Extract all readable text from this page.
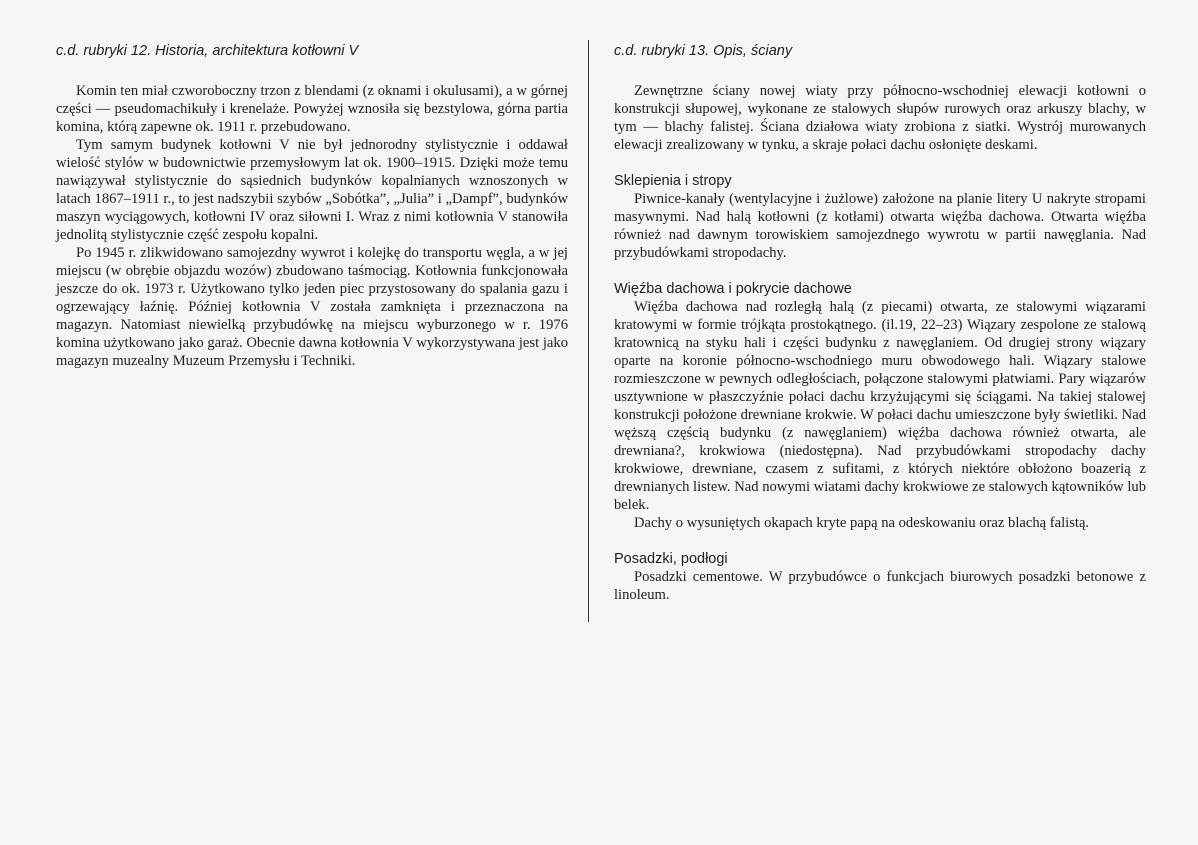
c.d. rubryki 12. Historia, architektura kotłowni V

Komin ten miał czworoboczny trzon z blendami (z oknami i okulusami), a w górnej części — pseudomachikuły i krenelaże. Powyżej wznosiła się bezstylowa, górna partia komina, którą zapewne ok. 1911 r. przebudowano.

Tym samym budynek kotłowni V nie był jednorodny stylistycznie i oddawał wielość stylów w budownictwie przemysłowym lat ok. 1900–1915. Dzięki może temu nawiązywał stylistycznie do sąsiednich budynków kopalnianych wznoszonych w latach 1867–1911 r., to jest nadszybii szybów „Sobótka”, „Julia” i „Dampf”, budynków maszyn wyciągowych, kotłowni IV oraz siłowni I. Wraz z nimi kotłownia V stanowiła jednolitą stylistycznie część zespołu kopalni.

Po 1945 r. zlikwidowano samojezdny wywrot i kolejkę do transportu węgla, a w jej miejscu (w obrębie objazdu wozów) zbudowano taśmociąg. Kotłownia funkcjonowała jeszcze do ok. 1973 r. Użytkowano tylko jeden piec przystosowany do spalania gazu i ogrzewający łaźnię. Później kotłownia V została zamknięta i przeznaczona na magazyn. Natomiast niewielką przybudówkę na miejscu wyburzonego w r. 1976 komina użytkowano jako garaż. Obecnie dawna kotłownia V wykorzystywana jest jako magazyn muzealny Muzeum Przemysłu i Techniki.

c.d. rubryki 13. Opis, ściany

Zewnętrzne ściany nowej wiaty przy północno-wschodniej elewacji kotłowni o konstrukcji słupowej, wykonane ze stalowych słupów rurowych oraz arkuszy blachy, w tym — blachy falistej. Ściana działowa wiaty zrobiona z siatki. Wystrój murowanych elewacji zrealizowany w tynku, a skraje połaci dachu osłonięte deskami.

Sklepienia i stropy

Piwnice-kanały (wentylacyjne i żużlowe) założone na planie litery U nakryte stropami masywnymi. Nad halą kotłowni (z kotłami) otwarta więźba dachowa. Otwarta więźba również nad dawnym torowiskiem samojezdnego wywrotu w partii nawęglania. Nad przybudówkami stropodachy.

Więźba dachowa i pokrycie dachowe

Więźba dachowa nad rozległą halą (z piecami) otwarta, ze stalowymi wiązarami kratowymi w formie trójkąta prostokątnego. (il.19, 22–23) Wiązary zespolone ze stalową kratownicą na styku hali i części budynku z nawęglaniem. Od drugiej strony wiązary oparte na koronie północno-wschodniego muru obwodowego hali. Wiązary stalowe rozmieszczone w pewnych odległościach, połączone stalowymi płatwiami. Pary wiązarów usztywnione w płaszczyźnie połaci dachu krzyżującymi się ściągami. Na takiej stalowej konstrukcji położone drewniane krokwie. W połaci dachu umieszczone były świetliki. Nad węższą częścią budynku (z nawęglaniem) więźba dachowa również otwarta, ale drewniana?, krokwiowa (niedostępna). Nad przybudówkami stropodachy dachy krokwiowe, drewniane, czasem z sufitami, z których niektóre obłożono boazerią z drewnianych listew. Nad nowymi wiatami dachy krokwiowe ze stalowych kątowników lub belek.

Dachy o wysuniętych okapach kryte papą na odeskowaniu oraz blachą falistą.

Posadzki, podłogi

Posadzki cementowe. W przybudówce o funkcjach biurowych posadzki betonowe z linoleum.
